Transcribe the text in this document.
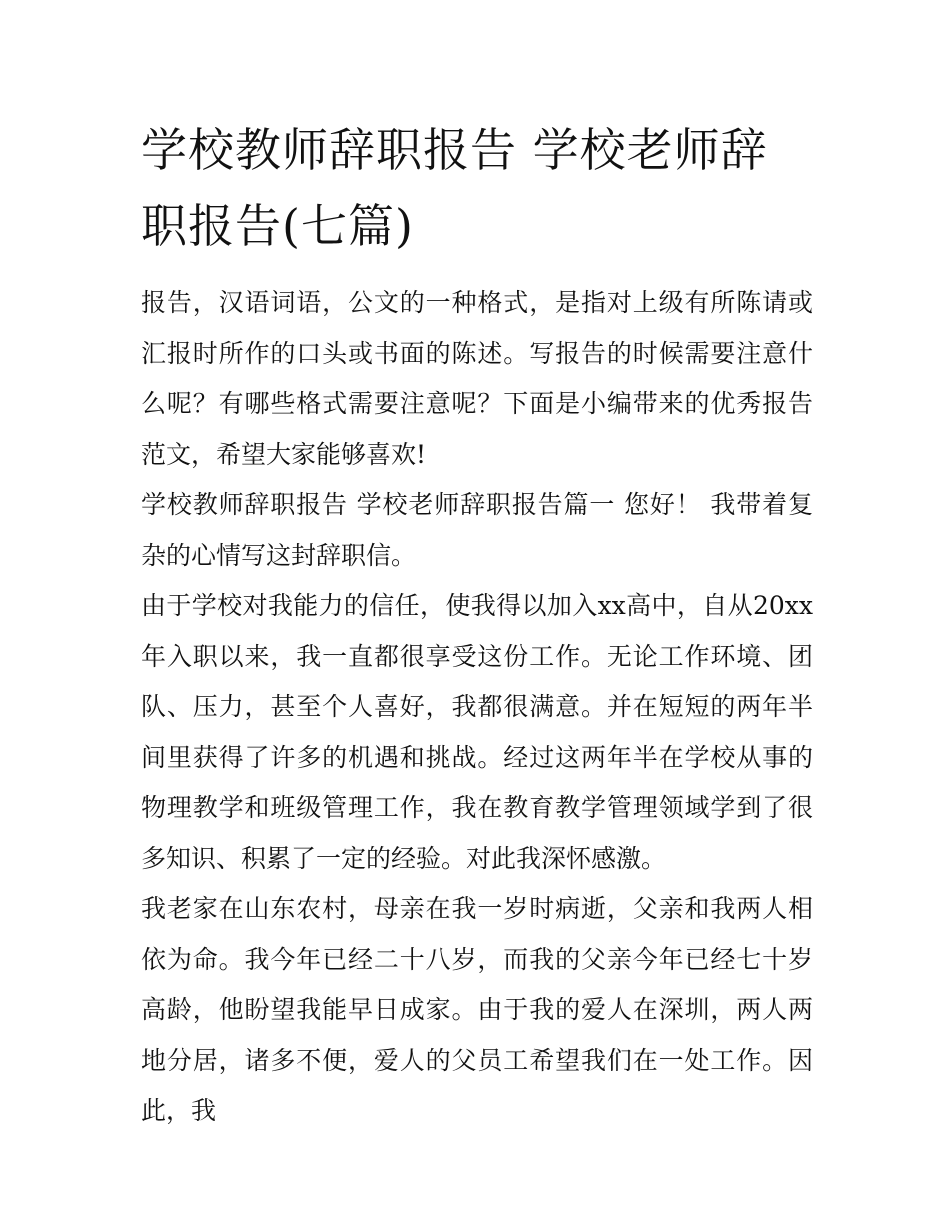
学校教师辞职报告 学校老师辞职报告(七篇)

报告，汉语词语，公文的一种格式，是指对上级有所陈请或汇报时所作的口头或书面的陈述。写报告的时候需要注意什么呢？有哪些格式需要注意呢？下面是小编带来的优秀报告范文，希望大家能够喜欢!

学校教师辞职报告 学校老师辞职报告篇一 您好！ 我带着复杂的心情写这封辞职信。

由于学校对我能力的信任，使我得以加入xx高中，自从20xx年入职以来，我一直都很享受这份工作。无论工作环境、团队、压力，甚至个人喜好，我都很满意。并在短短的两年半间里获得了许多的机遇和挑战。经过这两年半在学校从事的物理教学和班级管理工作，我在教育教学管理领域学到了很多知识、积累了一定的经验。对此我深怀感激。

我老家在山东农村，母亲在我一岁时病逝，父亲和我两人相依为命。我今年已经二十八岁，而我的父亲今年已经七十岁高龄，他盼望我能早日成家。由于我的爱人在深圳，两人两地分居，诸多不便，爱人的父员工希望我们在一处工作。因此，我
